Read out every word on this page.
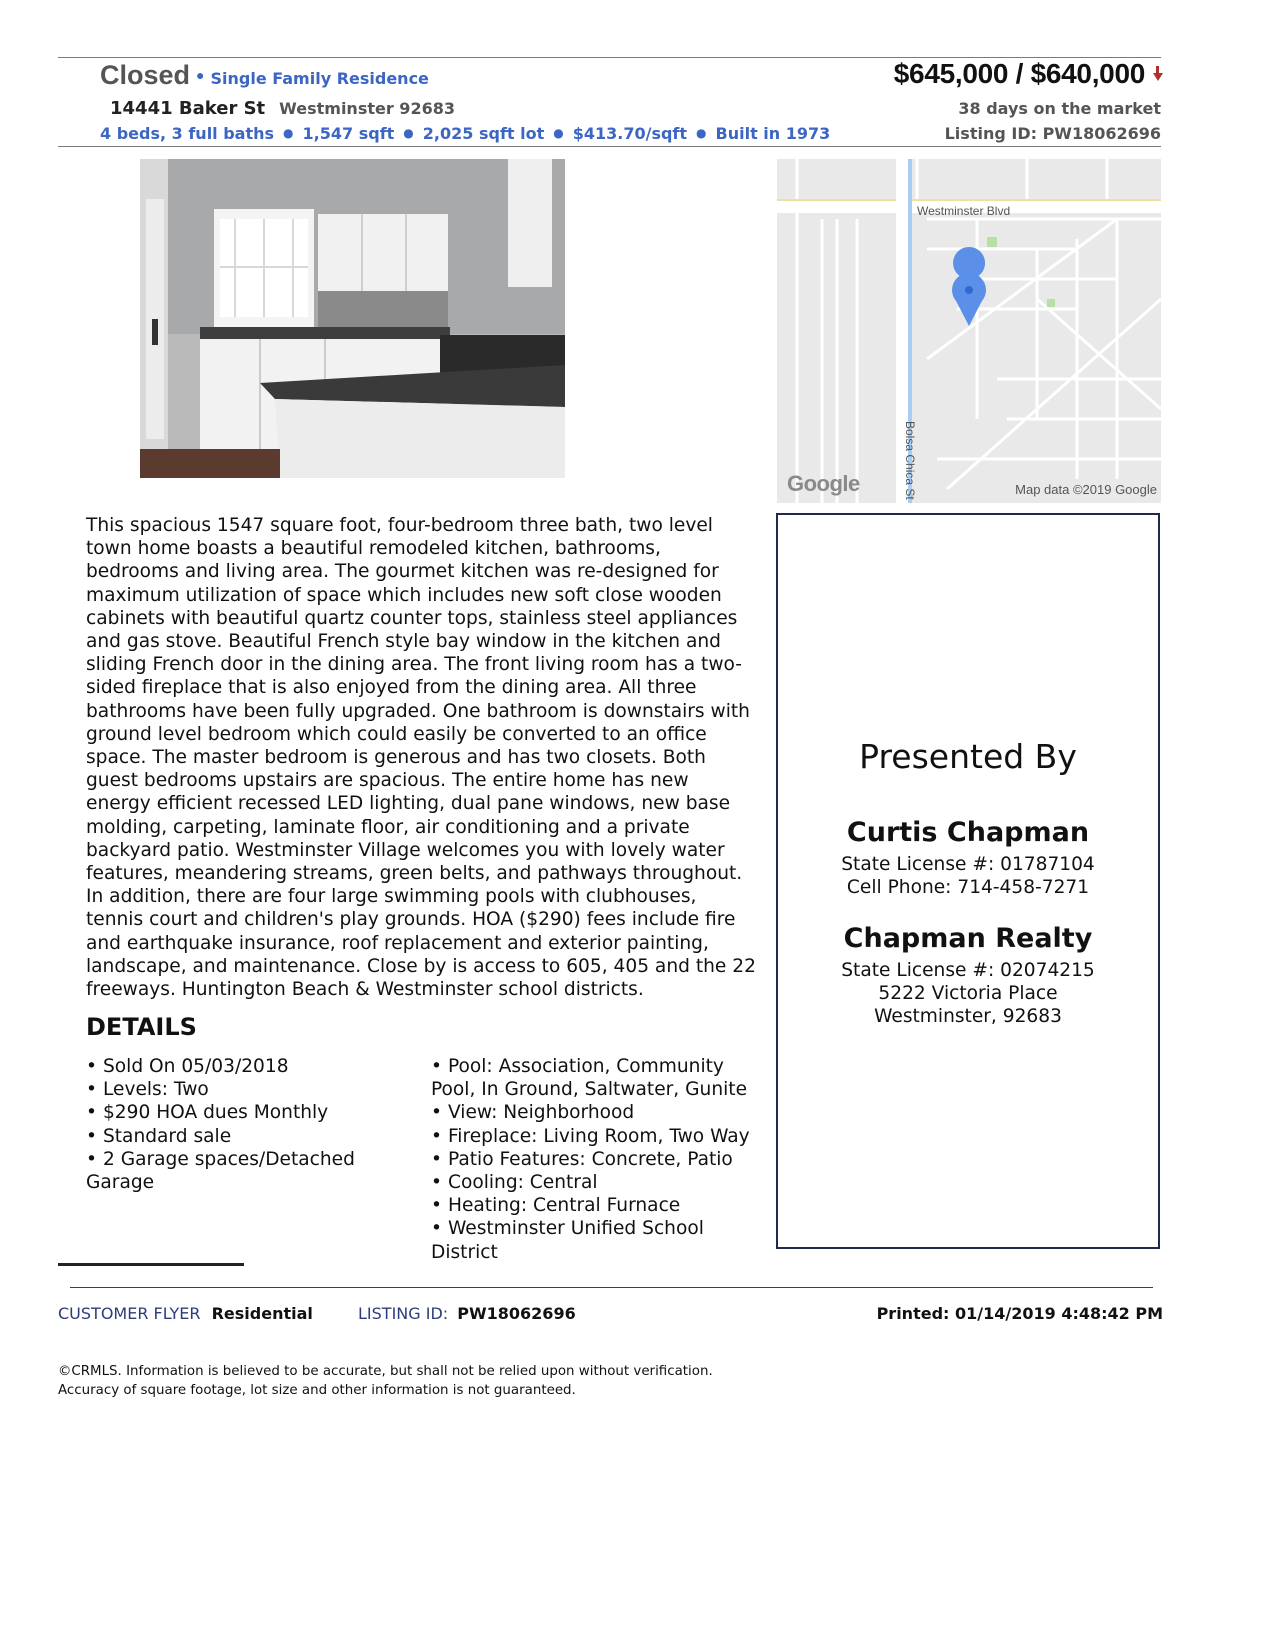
Closed ● Single Family Residence
14441 Baker St Westminster 92683
4 beds, 3 full baths ● 1,547 sqft ● 2,025 sqft lot ● $413.70/sqft ● Built in 1973
$645,000 / $640,000
38 days on the market
Listing ID: PW18062696
Westminster Blvd
Bolsa Chica St
Google	Map data ©2019 Google
This spacious 1547 square foot, four-bedroom three bath, two level town home boasts a beautiful remodeled kitchen, bathrooms, bedrooms and living area. The gourmet kitchen was re-designed for maximum utilization of space which includes new soft close wooden cabinets with beautiful quartz counter tops, stainless steel appliances and gas stove. Beautiful French style bay window in the kitchen and sliding French door in the dining area. The front living room has a two-sided fireplace that is also enjoyed from the dining area. All three bathrooms have been fully upgraded. One bathroom is downstairs with ground level bedroom which could easily be converted to an office space. The master bedroom is generous and has two closets. Both guest bedrooms upstairs are spacious. The entire home has new energy efficient recessed LED lighting, dual pane windows, new base molding, carpeting, laminate floor, air conditioning and a private backyard patio. Westminster Village welcomes you with lovely water features, meandering streams, green belts, and pathways throughout. In addition, there are four large swimming pools with clubhouses, tennis court and children's play grounds. HOA ($290) fees include fire and earthquake insurance, roof replacement and exterior painting, landscape, and maintenance. Close by is access to 605, 405 and the 22 freeways. Huntington Beach & Westminster school districts.
DETAILS
• Sold On 05/03/2018
• Levels: Two
• $290 HOA dues Monthly
• Standard sale
• 2 Garage spaces/Detached Garage
• Pool: Association, Community Pool, In Ground, Saltwater, Gunite
• View: Neighborhood
• Fireplace: Living Room, Two Way
• Patio Features: Concrete, Patio
• Cooling: Central
• Heating: Central Furnace
• Westminster Unified School District
Presented By
Curtis Chapman
State License #: 01787104
Cell Phone: 714-458-7271
Chapman Realty
State License #: 02074215
5222 Victoria Place
Westminster, 92683
CUSTOMER FLYER Residential	LISTING ID: PW18062696	Printed: 01/14/2019 4:48:42 PM
©CRMLS. Information is believed to be accurate, but shall not be relied upon without verification.
Accuracy of square footage, lot size and other information is not guaranteed.
